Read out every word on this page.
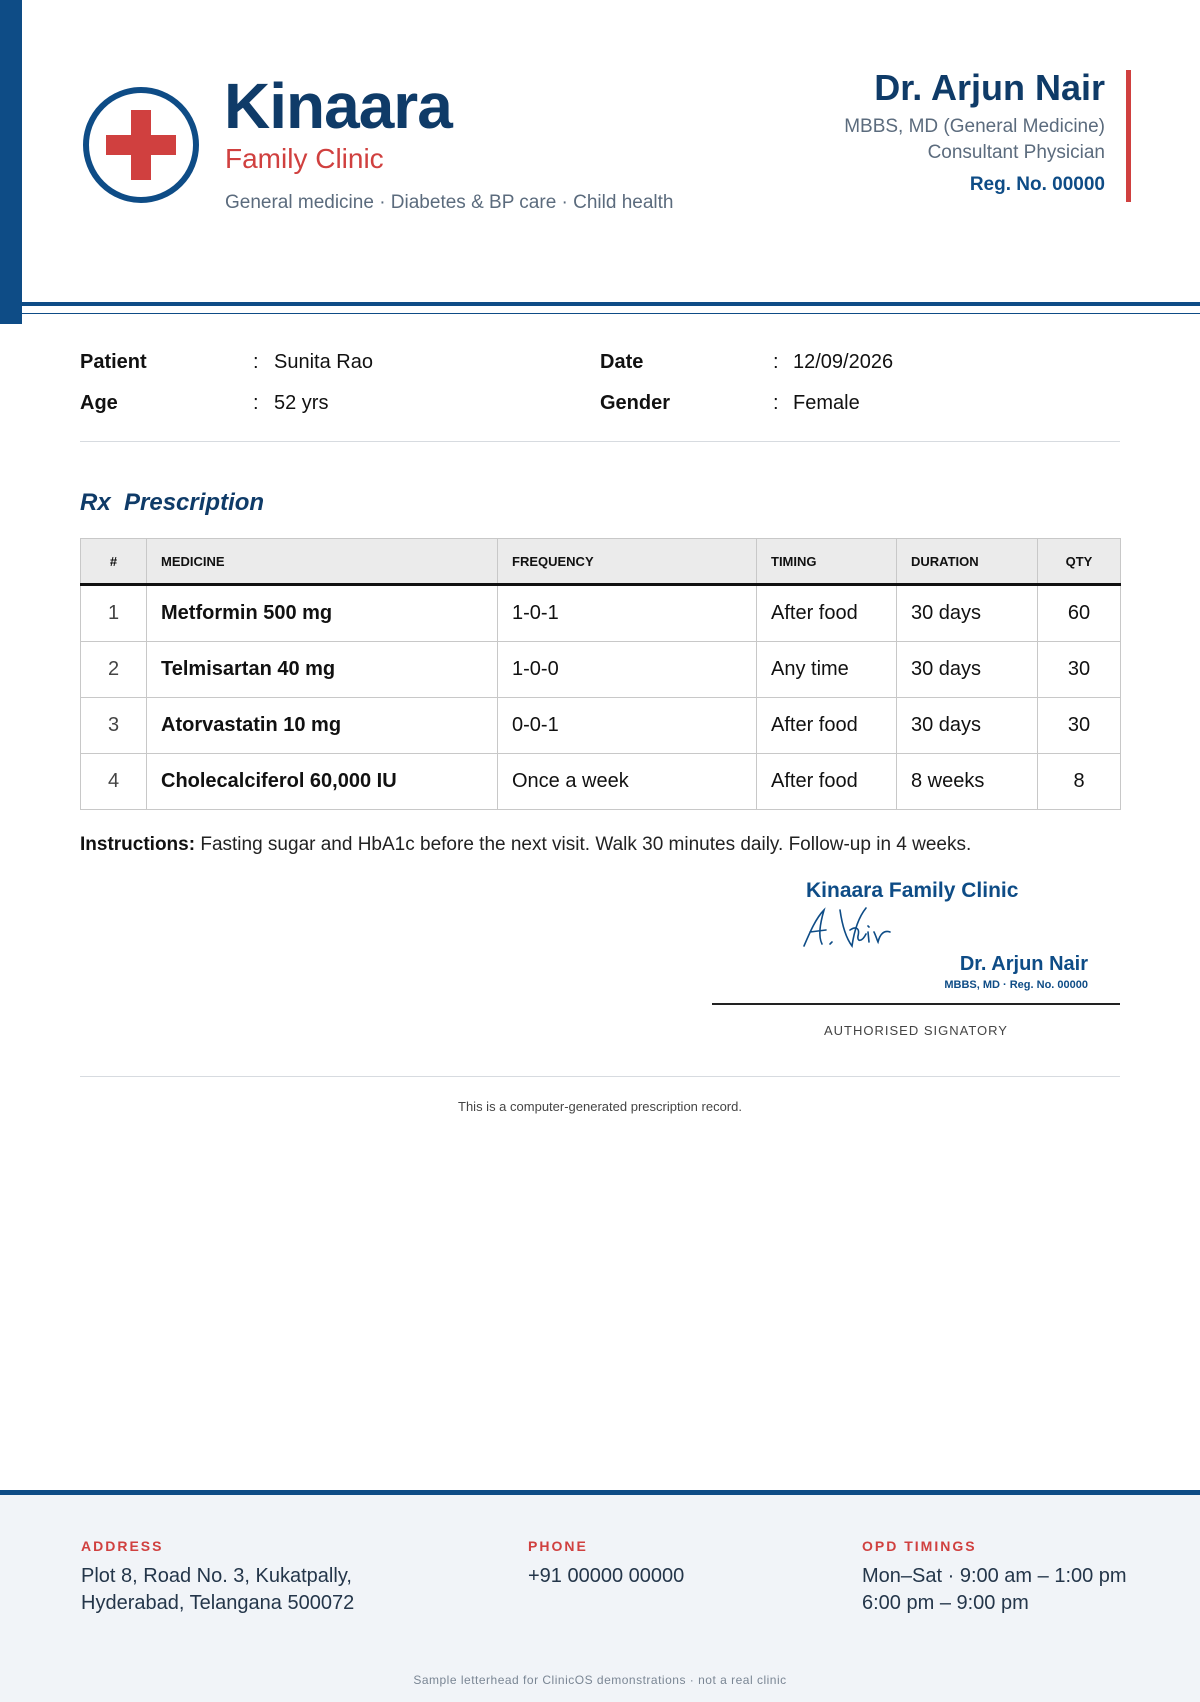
Kinaara
Family Clinic
General medicine · Diabetes & BP care · Child health
Dr. Arjun Nair
MBBS, MD (General Medicine)
Consultant Physician
Reg. No. 00000
Patient	: Sunita Rao	Date	: 12/09/2026
Age	: 52 yrs	Gender	: Female
Rx  Prescription
#	MEDICINE	FREQUENCY	TIMING	DURATION	QTY
1	Metformin 500 mg	1-0-1	After food	30 days	60
2	Telmisartan 40 mg	1-0-0	Any time	30 days	30
3	Atorvastatin 10 mg	0-0-1	After food	30 days	30
4	Cholecalciferol 60,000 IU	Once a week	After food	8 weeks	8
Instructions: Fasting sugar and HbA1c before the next visit. Walk 30 minutes daily. Follow-up in 4 weeks.
Kinaara Family Clinic
Dr. Arjun Nair
MBBS, MD · Reg. No. 00000
AUTHORISED SIGNATORY
This is a computer-generated prescription record.
ADDRESS
Plot 8, Road No. 3, Kukatpally,
Hyderabad, Telangana 500072
PHONE
+91 00000 00000
OPD TIMINGS
Mon–Sat · 9:00 am – 1:00 pm
6:00 pm – 9:00 pm
Sample letterhead for ClinicOS demonstrations · not a real clinic
